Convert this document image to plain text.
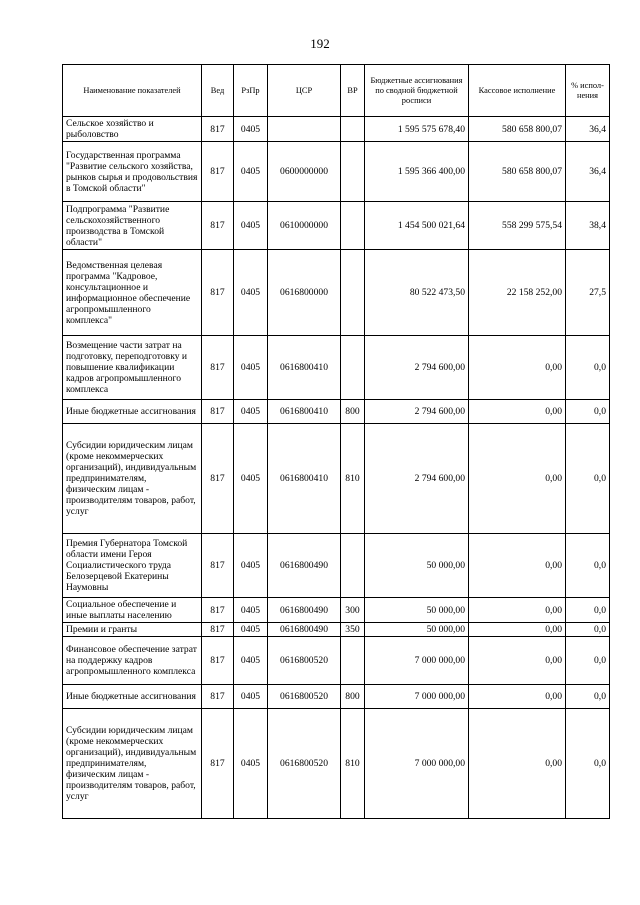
192
Наименование показателей	Вед	РзПр	ЦСР	ВР	Бюджетные ассигнования по сводной бюджетной росписи	Кассовое исполнение	% испол-нения
Сельское хозяйство и рыболовство	817	0405			1 595 575 678,40	580 658 800,07	36,4
Государственная программа "Развитие сельского хозяйства, рынков сырья и продовольствия в Томской области"	817	0405	0600000000		1 595 366 400,00	580 658 800,07	36,4
Подпрограмма "Развитие сельскохозяйственного производства в Томской области"	817	0405	0610000000		1 454 500 021,64	558 299 575,54	38,4
Ведомственная целевая программа "Кадровое, консультационное и информационное обеспечение агропромышленного комплекса"	817	0405	0616800000		80 522 473,50	22 158 252,00	27,5
Возмещение части затрат на подготовку, переподготовку и повышение квалификации кадров агропромышленного комплекса	817	0405	0616800410		2 794 600,00	0,00	0,0
Иные бюджетные ассигнования	817	0405	0616800410	800	2 794 600,00	0,00	0,0
Субсидии юридическим лицам (кроме некоммерческих организаций), индивидуальным предпринимателям, физическим лицам - производителям товаров, работ, услуг	817	0405	0616800410	810	2 794 600,00	0,00	0,0
Премия Губернатора Томской области имени Героя Социалистического труда Белозерцевой Екатерины Наумовны	817	0405	0616800490		50 000,00	0,00	0,0
Социальное обеспечение и иные выплаты населению	817	0405	0616800490	300	50 000,00	0,00	0,0
Премии и гранты	817	0405	0616800490	350	50 000,00	0,00	0,0
Финансовое обеспечение затрат на поддержку кадров агропромышленного комплекса	817	0405	0616800520		7 000 000,00	0,00	0,0
Иные бюджетные ассигнования	817	0405	0616800520	800	7 000 000,00	0,00	0,0
Субсидии юридическим лицам (кроме некоммерческих организаций), индивидуальным предпринимателям, физическим лицам - производителям товаров, работ, услуг	817	0405	0616800520	810	7 000 000,00	0,00	0,0
